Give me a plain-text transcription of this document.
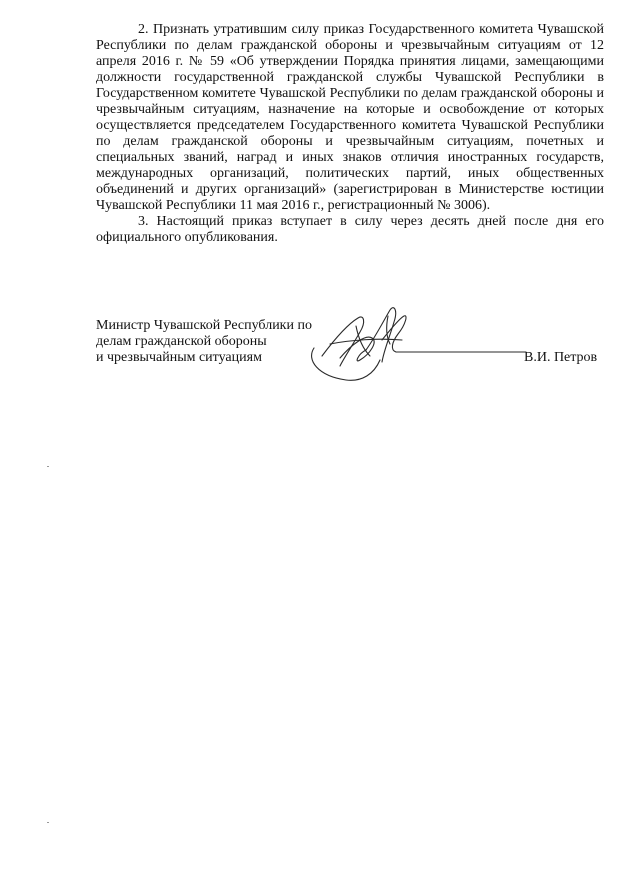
2. Признать утратившим силу приказ Государственного комитета Чувашской Республики по делам гражданской обороны и чрезвычайным ситуациям от 12 апреля 2016 г. № 59 «Об утверждении Порядка принятия лицами, замещающими должности государственной гражданской службы Чувашской Республики в Государственном комитете Чувашской Республики по делам гражданской обороны и чрезвычайным ситуациям, назначение на которые и освобождение от которых осуществляется председателем Государственного комитета Чувашской Республики по делам гражданской обороны и чрезвычайным ситуациям, почетных и специальных званий, наград и иных знаков отличия иностранных государств, международных организаций, политических партий, иных общественных объединений и других организаций» (зарегистрирован в Министерстве юстиции Чувашской Республики 11 мая 2016 г., регистрационный № 3006).

3. Настоящий приказ вступает в силу через десять дней после дня его официального опубликования.

Министр Чувашской Республики по
делам гражданской обороны
и чрезвычайным ситуациям	В.И. Петров
